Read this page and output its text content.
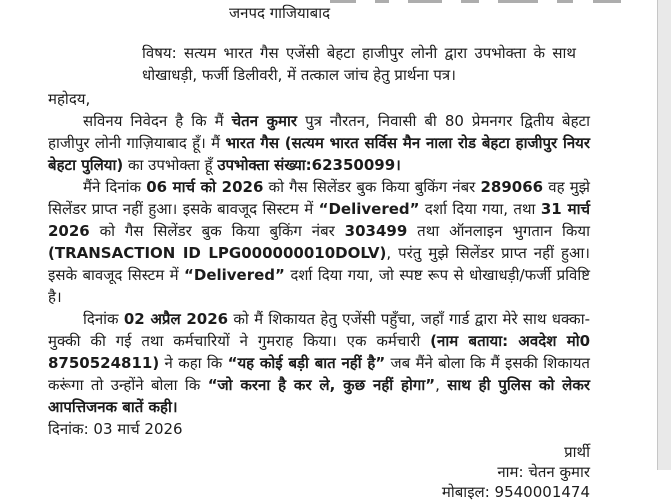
जनपद गाजियाबाद
विषय: सत्यम भारत गैस एजेंसी बेहटा हाजीपुर लोनी द्वारा उपभोक्ता के साथ धोखाधड़ी, फर्जी डिलीवरी, में तत्काल जांच हेतु प्रार्थना पत्र।
महोदय,

सविनय निवेदन है कि मैं चेतन कुमार पुत्र नौरतन, निवासी बी 80 प्रेमनगर द्वितीय बेहटा हाजीपुर लोनी गाज़ियाबाद हूँ। मैं भारत गैस (सत्यम भारत सर्विस मैन नाला रोड बेहटा हाजीपुर नियर बेहटा पुलिया) का उपभोक्ता हूँ उपभोक्ता संख्या:62350099।

मैंने दिनांक 06 मार्च को 2026 को गैस सिलेंडर बुक किया बुकिंग नंबर 289066 वह मुझे सिलेंडर प्राप्त नहीं हुआ। इसके बावजूद सिस्टम में “Delivered” दर्शा दिया गया, तथा 31 मार्च 2026 को गैस सिलेंडर बुक किया बुकिंग नंबर 303499 तथा ऑनलाइन भुगतान किया (TRANSACTION ID LPG000000010DOLV), परंतु मुझे सिलेंडर प्राप्त नहीं हुआ। इसके बावजूद सिस्टम में “Delivered” दर्शा दिया गया, जो स्पष्ट रूप से धोखाधड़ी/फर्जी प्रविष्टि है।

दिनांक 02 अप्रैल 2026 को मैं शिकायत हेतु एजेंसी पहुँचा, जहाँ गार्ड द्वारा मेरे साथ धक्का-मुक्की की गई तथा कर्मचारियों ने गुमराह किया। एक कर्मचारी (नाम बताया: अवदेश मो0 8750524811) ने कहा कि “यह कोई बड़ी बात नहीं है” जब मैंने बोला कि मैं इसकी शिकायत करूंगा तो उन्होंने बोला कि “जो करना है कर ले, कुछ नहीं होगा”, साथ ही पुलिस को लेकर आपत्तिजनक बातें कही।

दिनांक: 03 मार्च 2026
प्रार्थी
नाम: चेतन कुमार
मोबाइल: 9540001474
